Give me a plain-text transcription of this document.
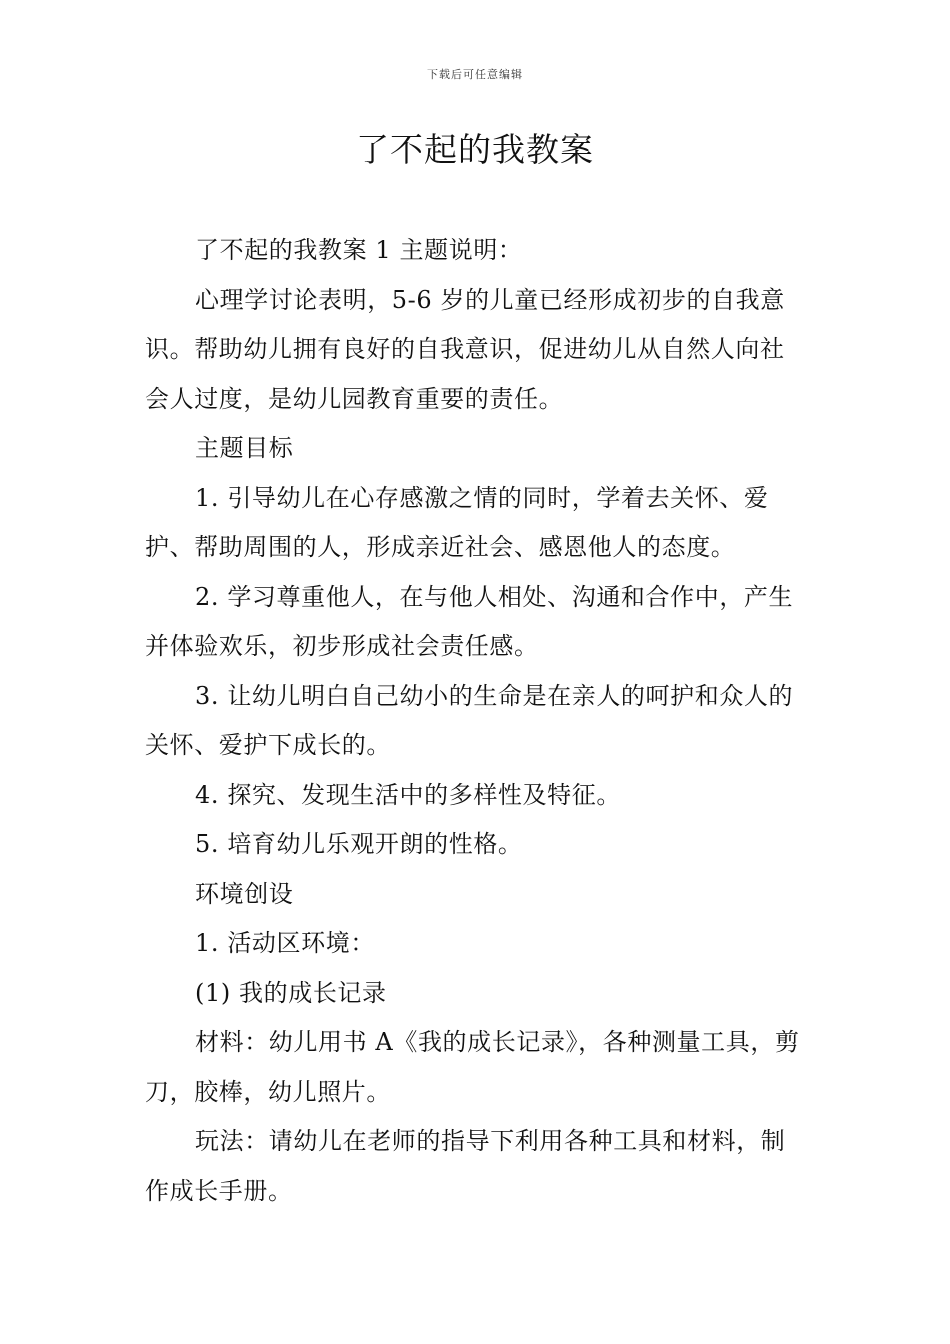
下载后可任意编辑
了不起的我教案

了不起的我教案 1 主题说明：

心理学讨论表明，5-6 岁的儿童已经形成初步的自我意识。帮助幼儿拥有良好的自我意识，促进幼儿从自然人向社会人过度，是幼儿园教育重要的责任。

主题目标

1. 引导幼儿在心存感激之情的同时，学着去关怀、爱护、帮助周围的人，形成亲近社会、感恩他人的态度。

2. 学习尊重他人，在与他人相处、沟通和合作中，产生并体验欢乐，初步形成社会责任感。

3. 让幼儿明白自己幼小的生命是在亲人的呵护和众人的关怀、爱护下成长的。

4. 探究、发现生活中的多样性及特征。

5. 培育幼儿乐观开朗的性格。

环境创设

1. 活动区环境：

(1) 我的成长记录

材料：幼儿用书 A《我的成长记录》，各种测量工具，剪刀，胶棒，幼儿照片。

玩法：请幼儿在老师的指导下利用各种工具和材料，制作成长手册。
